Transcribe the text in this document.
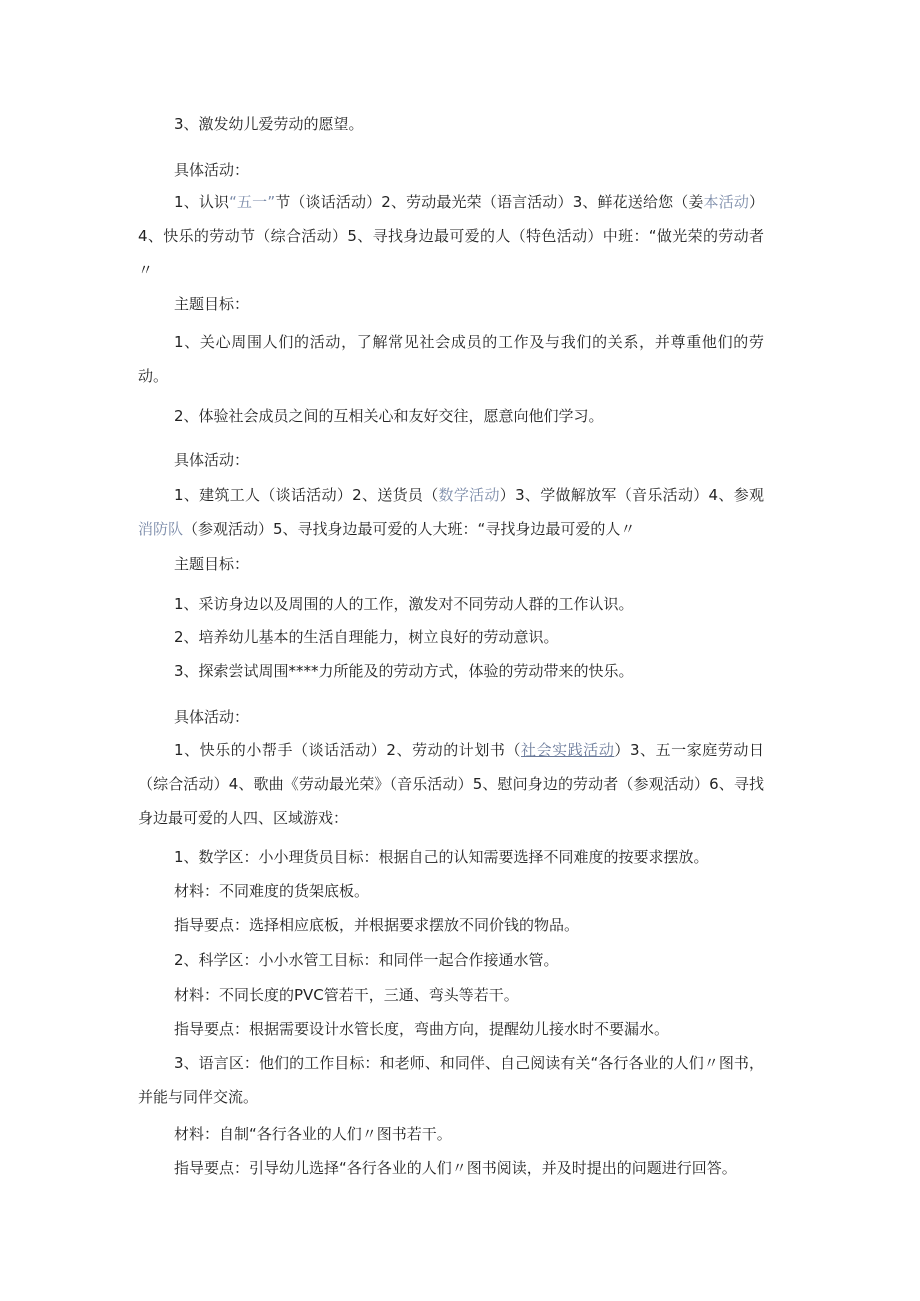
3、激发幼儿爱劳动的愿望。

具体活动：

1、认识“五一”节（谈话活动）2、劳动最光荣（语言活动）3、鲜花送给您（姜本活动）4、快乐的劳动节（综合活动）5、寻找身边最可爱的人（特色活动）中班：“做光荣的劳动者〃

主题目标：

1、关心周围人们的活动，了解常见社会成员的工作及与我们的关系，并尊重他们的劳动。

2、体验社会成员之间的互相关心和友好交往，愿意向他们学习。

具体活动：

1、建筑工人（谈话活动）2、送货员（数学活动）3、学做解放军（音乐活动）4、参观消防队（参观活动）5、寻找身边最可爱的人大班：“寻找身边最可爱的人〃

主题目标：

1、采访身边以及周围的人的工作，激发对不同劳动人群的工作认识。

2、培养幼儿基本的生活自理能力，树立良好的劳动意识。

3、探索尝试周围****力所能及的劳动方式，体验的劳动带来的快乐。

具体活动：

1、快乐的小帮手（谈话活动）2、劳动的计划书（社会实践活动）3、五一家庭劳动日（综合活动）4、歌曲《劳动最光荣》（音乐活动）5、慰问身边的劳动者（参观活动）6、寻找身边最可爱的人四、区域游戏：

1、数学区：小小理货员目标：根据自己的认知需要选择不同难度的按要求摆放。

材料：不同难度的货架底板。

指导要点：选择相应底板，并根据要求摆放不同价钱的物品。

2、科学区：小小水管工目标：和同伴一起合作接通水管。

材料：不同长度的PVC管若干，三通、弯头等若干。

指导要点：根据需要设计水管长度，弯曲方向，提醒幼儿接水时不要漏水。

3、语言区：他们的工作目标：和老师、和同伴、自己阅读有关“各行各业的人们〃图书，并能与同伴交流。

材料：自制“各行各业的人们〃图书若干。

指导要点：引导幼儿选择“各行各业的人们〃图书阅读，并及时提出的问题进行回答。
